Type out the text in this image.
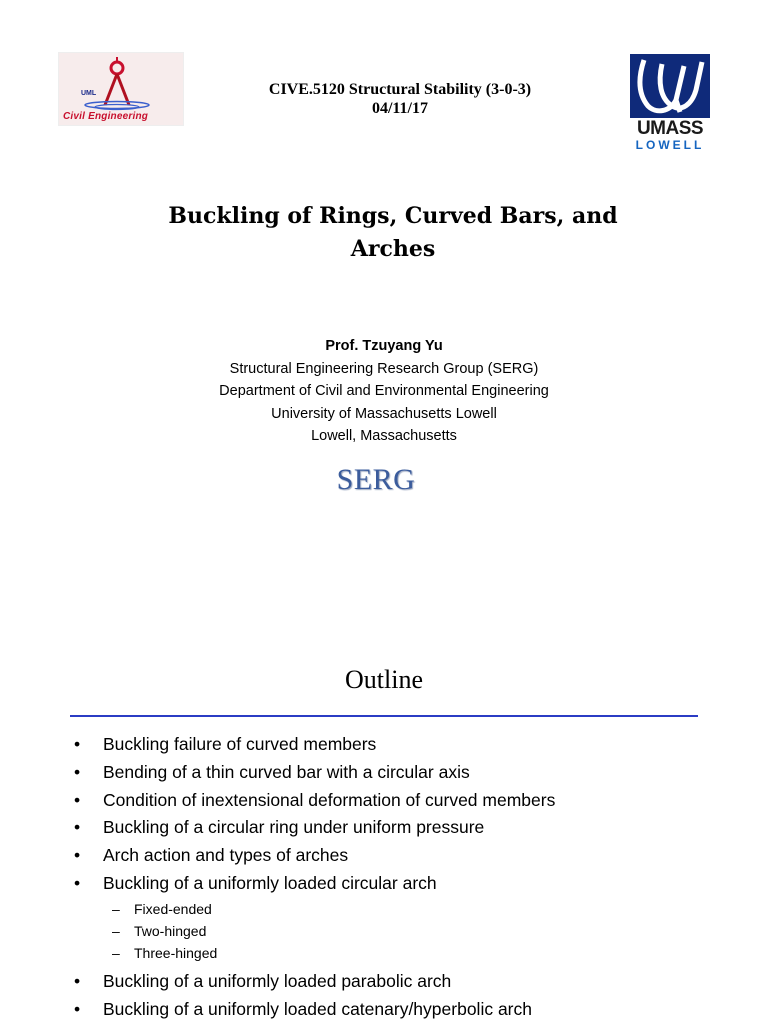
UML
Civil Engineering
CIVE.5120 Structural Stability (3-0-3)
04/11/17
UMASS
LOWELL
Buckling of Rings, Curved Bars, and
Arches
Prof. Tzuyang Yu
Structural Engineering Research Group (SERG)
Department of Civil and Environmental Engineering
University of Massachusetts Lowell
Lowell, Massachusetts
SERG
Outline
•	Buckling failure of curved members
•	Bending of a thin curved bar with a circular axis
•	Condition of inextensional deformation of curved members
•	Buckling of a circular ring under uniform pressure
•	Arch action and types of arches
•	Buckling of a uniformly loaded circular arch
– Fixed-ended
– Two-hinged
– Three-hinged
•	Buckling of a uniformly loaded parabolic arch
•	Buckling of a uniformly loaded catenary/hyperbolic arch
